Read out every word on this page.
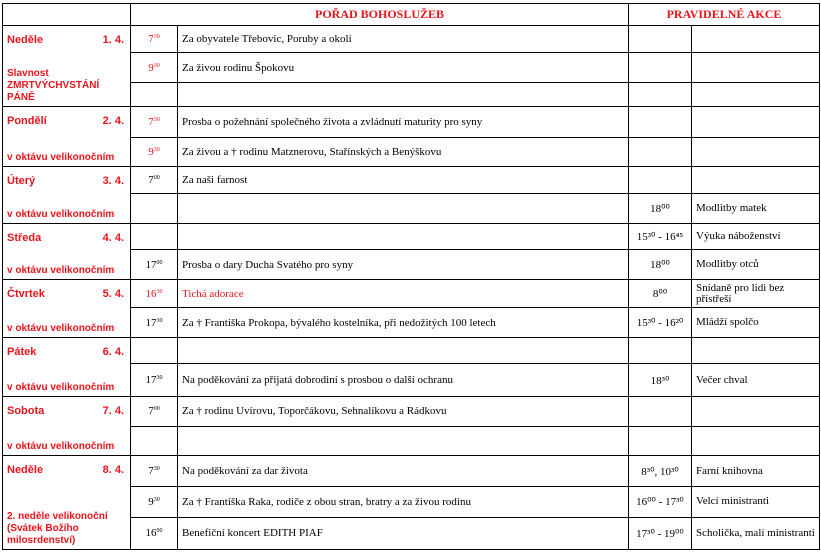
	POŘAD BOHOSLUŽEB		PRAVIDELNÉ AKCE	

Neděle 1. 4.
Slavnost ZMRTVÝCHVSTÁNÍ PÁNĚ	$7^{30}$	Za obyvatele Třebovic, Poruby a okolí		
	$9^{30}$	Za živou rodinu Špokovu		

Pondělí 2. 4.
v oktávu velikonočním	$7^{30}$	Prosba o požehnání společného života a zvládnutí maturity pro syny		
	$9^{30}$	Za živou a † rodinu Matznerovu, Stařínských a Benýškovu		

Úterý 3. 4.
v oktávu velikonočním	$7^{00}$	Za naši farnost		
			18⁰⁰	Modlitby matek

Středa 4. 4.
v oktávu velikonočním			15³⁰ - 16⁴⁵	Výuka náboženství
	$17^{00}$	Prosba o dary Ducha Svatého pro syny	18⁰⁰	Modlitby otců

Čtvrtek 5. 4.
v oktávu velikonočním	$16^{30}$	Tichá adorace	8⁰⁰	Snídaně pro lidi bez přístřeší
	$17^{30}$	Za † Františka Prokopa, bývalého kostelníka, při nedožitých 100 letech	15³⁰ - 16²⁰	Mládží spolčo

Pátek 6. 4.
v oktávu velikonočním				

	$17^{30}$	Na poděkování za přijatá dobrodiní s prosbou o další ochranu	18³⁰	Večer chval

Sobota 7. 4.
v oktávu velikonočním	$7^{00}$	Za † rodinu Uvírovu, Toporčákovu, Sehnalíkovu a Rádkovu		

Neděle 8. 4.
2. neděle velikonoční (Svátek Božího milosrdenství)	$7^{30}$	Na poděkování za dar života	8³⁰, 10³⁰	Farní knihovna
	$9^{30}$	Za † Františka Raka, rodiče z obou stran, bratry a za živou rodinu	16⁰⁰ - 17³⁰	Velcí ministranti
	$16^{00}$	Benefiční koncert EDITH PIAF	17³⁰ - 19⁰⁰	Scholička, malí ministranti
